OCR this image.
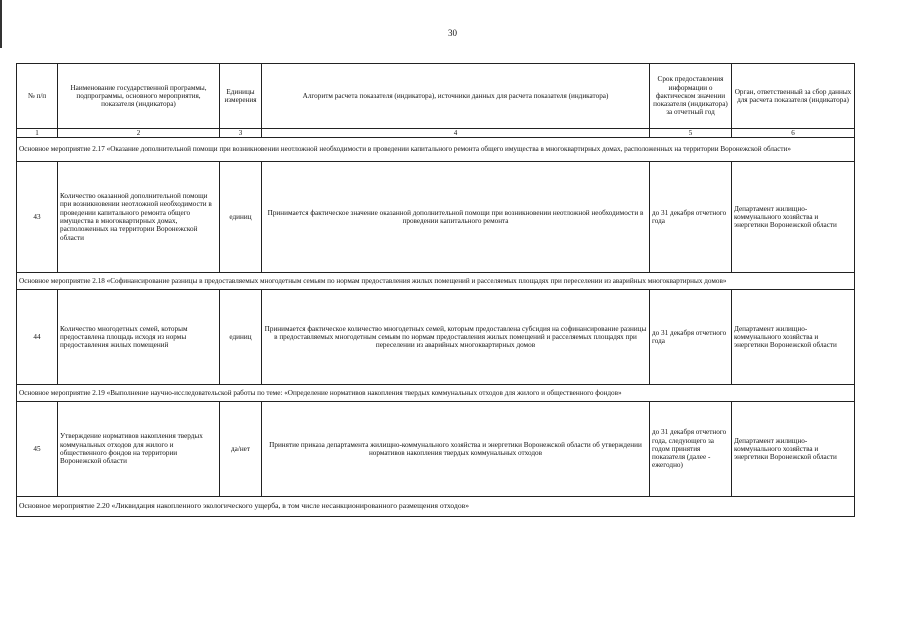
30
№ п/п	Наименование государственной программы, подпрограммы, основного мероприятия, показателя (индикатора)	Единицы измерения	Алгоритм расчета показателя (индикатора), источники данных для расчета показателя (индикатора)	Срок предоставления информации о фактическом значении показателя (индикатора) за отчетный год	Орган, ответственный за сбор данных для расчета показателя (индикатора)
1	2	3	4	5	6
Основное мероприятие 2.17 «Оказание дополнительной помощи при возникновении неотложной необходимости в проведении капитального ремонта общего имущества в многоквартирных домах, расположенных на территории Воронежской области»					
43	Количество оказанной дополнительной помощи при возникновении неотложной необходимости в проведении капитального ремонта общего имущества в многоквартирных домах, расположенных на территории Воронежской области	единиц	Принимается фактическое значение оказанной дополнительной помощи при возникновении неотложной необходимости в проведении капитального ремонта	до 31 декабря отчетного года	Департамент жилищно-коммунального хозяйства и энергетики Воронежской области
Основное мероприятие 2.18 «Софинансирование разницы в предоставляемых многодетным семьям по нормам предоставления жилых помещений и расселяемых площадях при переселении из аварийных многоквартирных домов»					
44	Количество многодетных семей, которым предоставлена площадь исходя из нормы предоставления жилых помещений	единиц	Принимается фактическое количество многодетных семей, которым предоставлена субсидия на софинансирование разницы в предоставляемых многодетным семьям по нормам предоставления жилых помещений и расселяемых площадях при переселении из аварийных многоквартирных домов	до 31 декабря отчетного года	Департамент жилищно-коммунального хозяйства и энергетики Воронежской области
Основное мероприятие 2.19 «Выполнение научно-исследовательской работы по теме: «Определение нормативов накопления твердых коммунальных отходов для жилого и общественного фондов»					
45	Утверждение нормативов накопления твердых коммунальных отходов для жилого и общественного фондов на территории Воронежской области	да/нет	Принятие приказа департамента жилищно-коммунального хозяйства и энергетики Воронежской области об утверждении нормативов накопления твердых коммунальных отходов	до 31 декабря отчетного года, следующего за годом принятия показателя (далее - ежегодно)	Департамент жилищно-коммунального хозяйства и энергетики Воронежской области
Основное мероприятие 2.20 «Ликвидация накопленного экологического ущерба, в том числе несанкционированного размещения отходов»					
